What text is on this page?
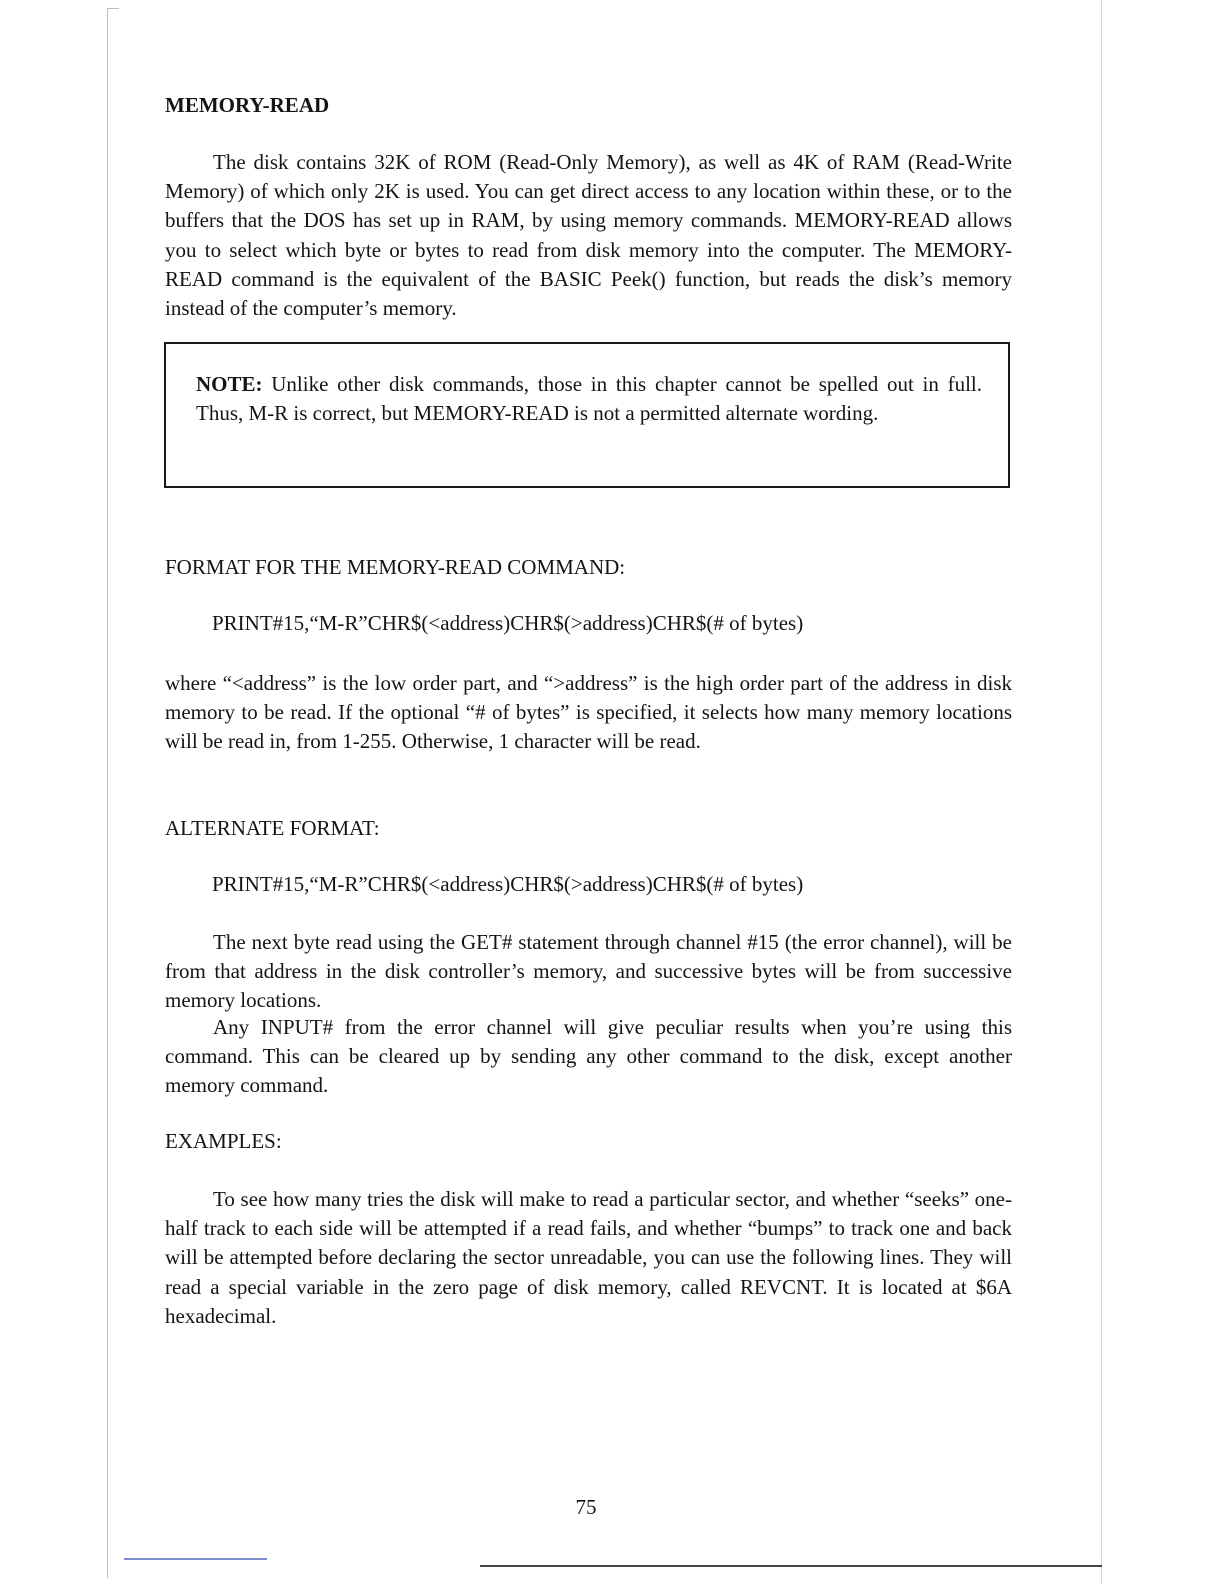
MEMORY-READ

The disk contains 32K of ROM (Read-Only Memory), as well as 4K of RAM (Read-Write Memory) of which only 2K is used. You can get direct access to any location within these, or to the buffers that the DOS has set up in RAM, by using memory commands. MEMORY-READ allows you to select which byte or bytes to read from disk memory into the computer. The MEMORY-READ command is the equivalent of the BASIC Peek() function, but reads the disk’s memory instead of the computer’s memory.

NOTE: Unlike other disk commands, those in this chapter cannot be spelled out in full. Thus, M-R is correct, but MEMORY-READ is not a permitted alternate wording.

FORMAT FOR THE MEMORY-READ COMMAND:
PRINT#15,“M-R”CHR$(<address)CHR$(>address)CHR$(# of bytes)

where “<address” is the low order part, and “>address” is the high order part of the address in disk memory to be read. If the optional “# of bytes” is specified, it selects how many memory locations will be read in, from 1-255. Otherwise, 1 character will be read.

ALTERNATE FORMAT:
PRINT#15,“M-R”CHR$(<address)CHR$(>address)CHR$(# of bytes)

The next byte read using the GET# statement through channel #15 (the error channel), will be from that address in the disk controller’s memory, and successive bytes will be from successive memory locations.

Any INPUT# from the error channel will give peculiar results when you’re using this command. This can be cleared up by sending any other command to the disk, except another memory command.

EXAMPLES:

To see how many tries the disk will make to read a particular sector, and whether “seeks” one-half track to each side will be attempted if a read fails, and whether “bumps” to track one and back will be attempted before declaring the sector unreadable, you can use the following lines. They will read a special variable in the zero page of disk memory, called REVCNT. It is located at $6A hexadecimal.

75
